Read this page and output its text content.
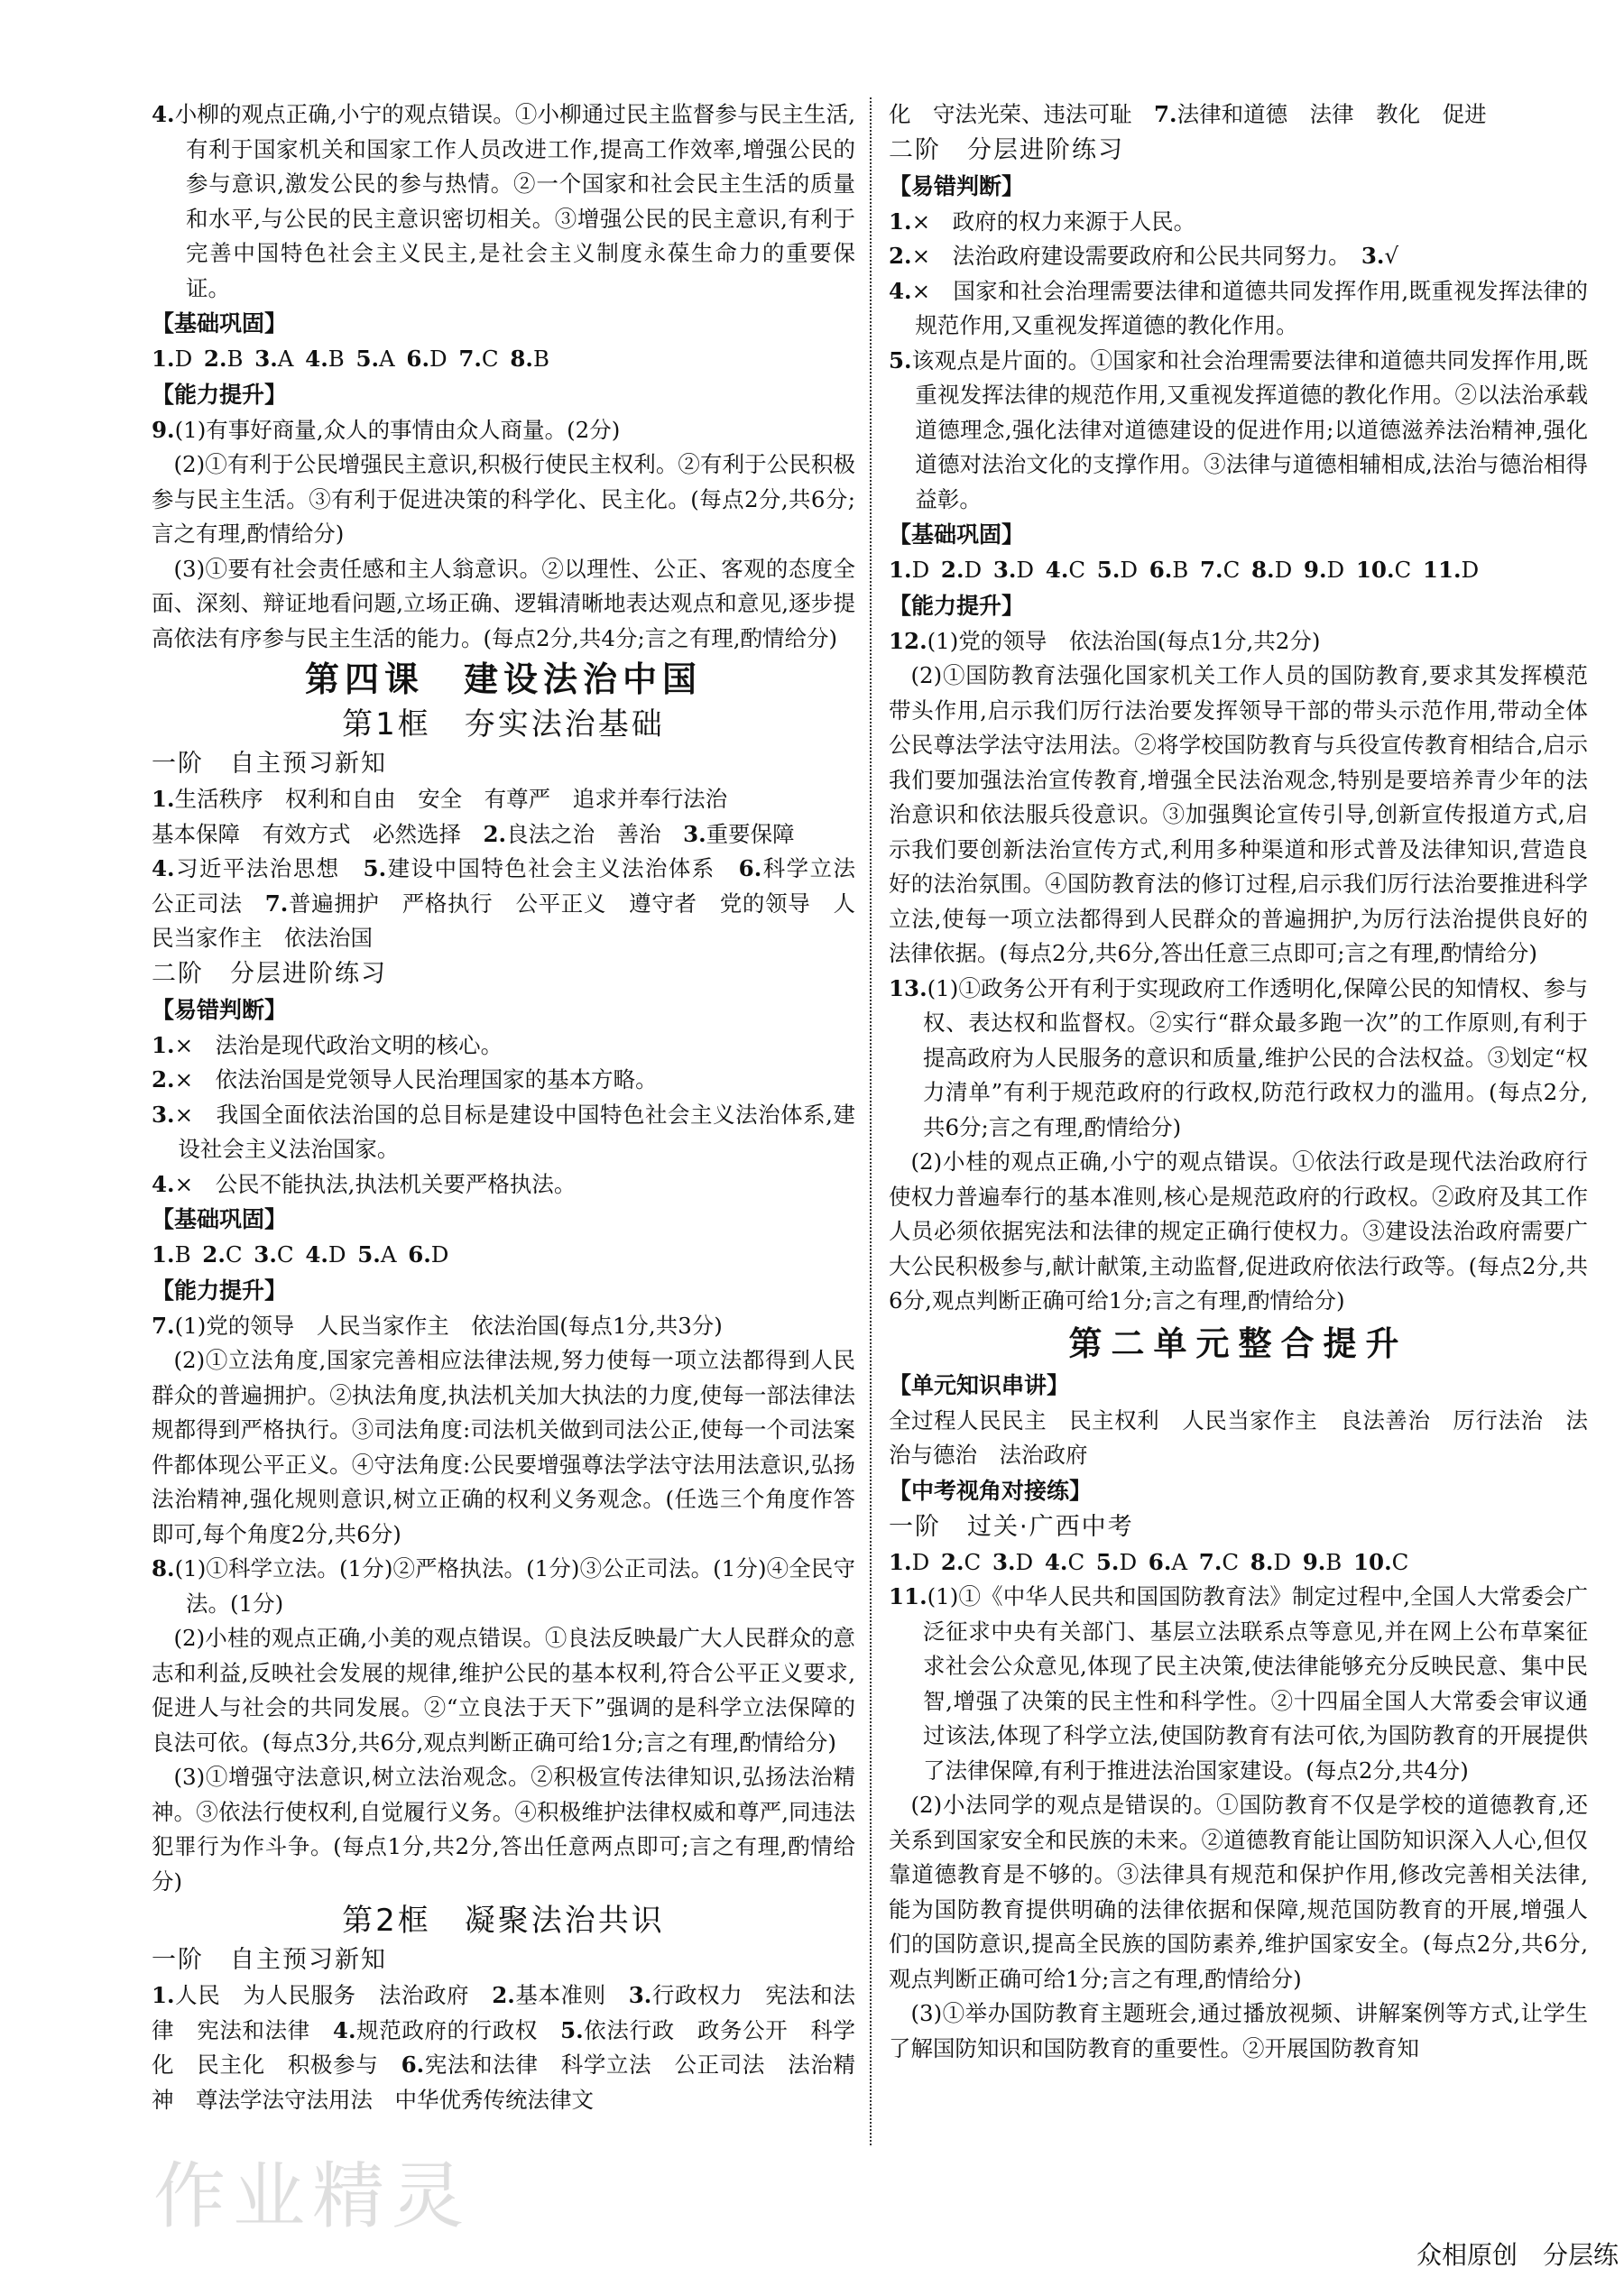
4.小柳的观点正确,小宁的观点错误。①小柳通过民主监督参与民主生活,有利于国家机关和国家工作人员改进工作,提高工作效率,增强公民的参与意识,激发公民的参与热情。②一个国家和社会民主生活的质量和水平,与公民的民主意识密切相关。③增强公民的民主意识,有利于完善中国特色社会主义民主,是社会主义制度永葆生命力的重要保证。

【基础巩固】

1.D 2.B 3.A 4.B 5.A 6.D 7.C 8.B

【能力提升】

9.(1)有事好商量,众人的事情由众人商量。(2分)

(2)①有利于公民增强民主意识,积极行使民主权利。②有利于公民积极参与民主生活。③有利于促进决策的科学化、民主化。(每点2分,共6分;言之有理,酌情给分)

(3)①要有社会责任感和主人翁意识。②以理性、公正、客观的态度全面、深刻、辩证地看问题,立场正确、逻辑清晰地表达观点和意见,逐步提高依法有序参与民主生活的能力。(每点2分,共4分;言之有理,酌情给分)

第四课　建设法治中国
第1框　夯实法治基础
一阶　自主预习新知

1.生活秩序　权利和自由　安全　有尊严　追求并奉行法治

基本保障　有效方式　必然选择　2.良法之治　善治　3.重要保障

4.习近平法治思想　5.建设中国特色社会主义法治体系　6.科学立法　公正司法　7.普遍拥护　严格执行　公平正义　遵守者　党的领导　人民当家作主　依法治国

二阶　分层进阶练习
【易错判断】

1.×　法治是现代政治文明的核心。

2.×　依法治国是党领导人民治理国家的基本方略。

3.×　我国全面依法治国的总目标是建设中国特色社会主义法治体系,建设社会主义法治国家。

4.×　公民不能执法,执法机关要严格执法。

【基础巩固】

1.B 2.C 3.C 4.D 5.A 6.D

【能力提升】

7.(1)党的领导　人民当家作主　依法治国(每点1分,共3分)

(2)①立法角度,国家完善相应法律法规,努力使每一项立法都得到人民群众的普遍拥护。②执法角度,执法机关加大执法的力度,使每一部法律法规都得到严格执行。③司法角度:司法机关做到司法公正,使每一个司法案件都体现公平正义。④守法角度:公民要增强尊法学法守法用法意识,弘扬法治精神,强化规则意识,树立正确的权利义务观念。(任选三个角度作答即可,每个角度2分,共6分)

8.(1)①科学立法。(1分)②严格执法。(1分)③公正司法。(1分)④全民守法。(1分)

(2)小桂的观点正确,小美的观点错误。①良法反映最广大人民群众的意志和利益,反映社会发展的规律,维护公民的基本权利,符合公平正义要求,促进人与社会的共同发展。②“立良法于天下”强调的是科学立法保障的良法可依。(每点3分,共6分,观点判断正确可给1分;言之有理,酌情给分)

(3)①增强守法意识,树立法治观念。②积极宣传法律知识,弘扬法治精神。③依法行使权利,自觉履行义务。④积极维护法律权威和尊严,同违法犯罪行为作斗争。(每点1分,共2分,答出任意两点即可;言之有理,酌情给分)

第2框　凝聚法治共识
一阶　自主预习新知

1.人民　为人民服务　法治政府　2.基本准则　3.行政权力　宪法和法律　宪法和法律　4.规范政府的行政权　5.依法行政　政务公开　科学化　民主化　积极参与　6.宪法和法律　科学立法　公正司法　法治精神　尊法学法守法用法　中华优秀传统法律文

化　守法光荣、违法可耻　7.法律和道德　法律　教化　促进

二阶　分层进阶练习
【易错判断】

1.×　政府的权力来源于人民。

2.×　法治政府建设需要政府和公民共同努力。　3.√

4.×　国家和社会治理需要法律和道德共同发挥作用,既重视发挥法律的规范作用,又重视发挥道德的教化作用。

5.该观点是片面的。①国家和社会治理需要法律和道德共同发挥作用,既重视发挥法律的规范作用,又重视发挥道德的教化作用。②以法治承载道德理念,强化法律对道德建设的促进作用;以道德滋养法治精神,强化道德对法治文化的支撑作用。③法律与道德相辅相成,法治与德治相得益彰。

【基础巩固】

1.D 2.D 3.D 4.C 5.D 6.B 7.C 8.D 9.D 10.C 11.D

【能力提升】

12.(1)党的领导　依法治国(每点1分,共2分)

(2)①国防教育法强化国家机关工作人员的国防教育,要求其发挥模范带头作用,启示我们厉行法治要发挥领导干部的带头示范作用,带动全体公民尊法学法守法用法。②将学校国防教育与兵役宣传教育相结合,启示我们要加强法治宣传教育,增强全民法治观念,特别是要培养青少年的法治意识和依法服兵役意识。③加强舆论宣传引导,创新宣传报道方式,启示我们要创新法治宣传方式,利用多种渠道和形式普及法律知识,营造良好的法治氛围。④国防教育法的修订过程,启示我们厉行法治要推进科学立法,使每一项立法都得到人民群众的普遍拥护,为厉行法治提供良好的法律依据。(每点2分,共6分,答出任意三点即可;言之有理,酌情给分)

13.(1)①政务公开有利于实现政府工作透明化,保障公民的知情权、参与权、表达权和监督权。②实行“群众最多跑一次”的工作原则,有利于提高政府为人民服务的意识和质量,维护公民的合法权益。③划定“权力清单”有利于规范政府的行政权,防范行政权力的滥用。(每点2分,共6分;言之有理,酌情给分)

(2)小桂的观点正确,小宁的观点错误。①依法行政是现代法治政府行使权力普遍奉行的基本准则,核心是规范政府的行政权。②政府及其工作人员必须依据宪法和法律的规定正确行使权力。③建设法治政府需要广大公民积极参与,献计献策,主动监督,促进政府依法行政等。(每点2分,共6分,观点判断正确可给1分;言之有理,酌情给分)

第二单元整合提升
【单元知识串讲】

全过程人民民主　民主权利　人民当家作主　良法善治　厉行法治　法治与德治　法治政府

【中考视角对接练】
一阶　过关·广西中考

1.D 2.C 3.D 4.C 5.D 6.A 7.C 8.D 9.B 10.C

11.(1)①《中华人民共和国国防教育法》制定过程中,全国人大常委会广泛征求中央有关部门、基层立法联系点等意见,并在网上公布草案征求社会公众意见,体现了民主决策,使法律能够充分反映民意、集中民智,增强了决策的民主性和科学性。②十四届全国人大常委会审议通过该法,体现了科学立法,使国防教育有法可依,为国防教育的开展提供了法律保障,有利于推进法治国家建设。(每点2分,共4分)

(2)小法同学的观点是错误的。①国防教育不仅是学校的道德教育,还关系到国家安全和民族的未来。②道德教育能让国防知识深入人心,但仅靠道德教育是不够的。③法律具有规范和保护作用,修改完善相关法律,能为国防教育提供明确的法律依据和保障,规范国防教育的开展,增强人们的国防意识,提高全民族的国防素养,维护国家安全。(每点2分,共6分,观点判断正确可给1分;言之有理,酌情给分)

(3)①举办国防教育主题班会,通过播放视频、讲解案例等方式,让学生了解国防知识和国防教育的重要性。②开展国防教育知

作业精灵
众相原创　分层练
